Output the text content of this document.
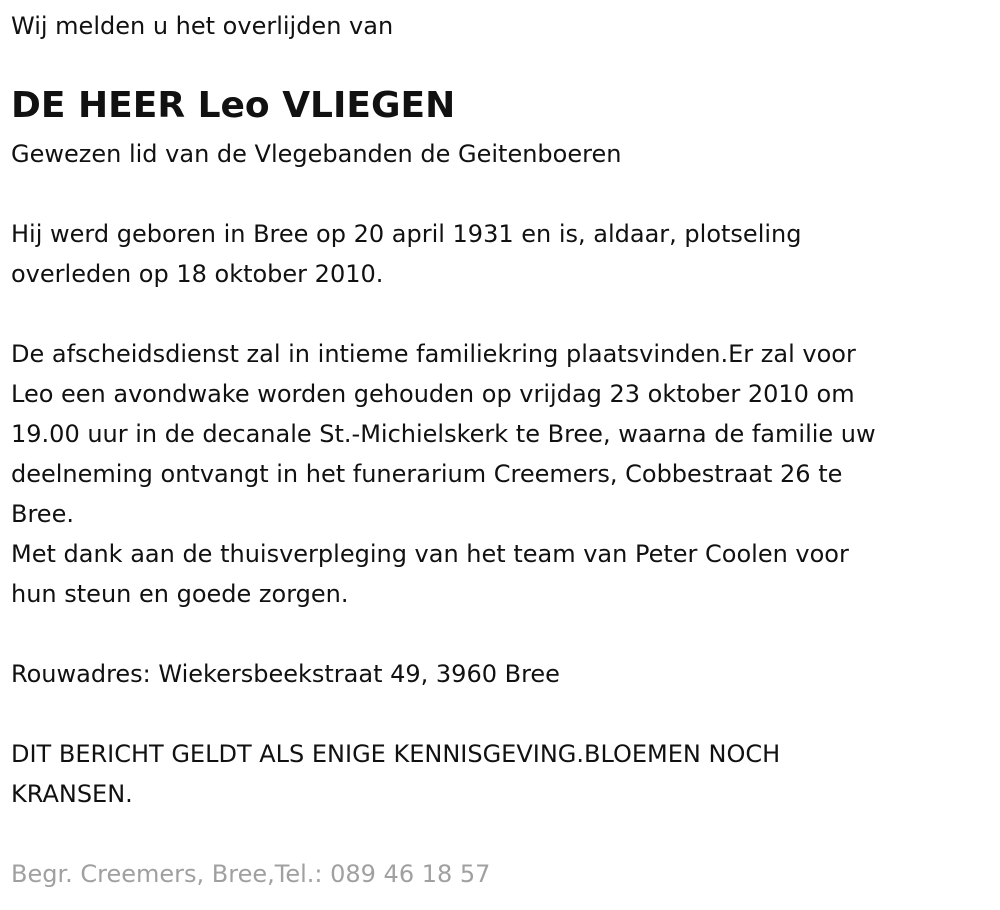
Wij melden u het overlijden van

DE HEER Leo VLIEGEN

Gewezen lid van de Vlegebanden de Geitenboeren

Hij werd geboren in Bree op 20 april 1931 en is, aldaar, plotseling

overleden op 18 oktober 2010.

De afscheidsdienst zal in intieme familiekring plaatsvinden.Er zal voor

Leo een avondwake worden gehouden op vrijdag 23 oktober 2010 om

19.00 uur in de decanale St.-Michielskerk te Bree, waarna de familie uw

deelneming ontvangt in het funerarium Creemers, Cobbestraat 26 te

Bree.

Met dank aan de thuisverpleging van het team van Peter Coolen voor

hun steun en goede zorgen.

Rouwadres: Wiekersbeekstraat 49, 3960 Bree

DIT BERICHT GELDT ALS ENIGE KENNISGEVING.BLOEMEN NOCH

KRANSEN.

Begr. Creemers, Bree,Tel.: 089 46 18 57
